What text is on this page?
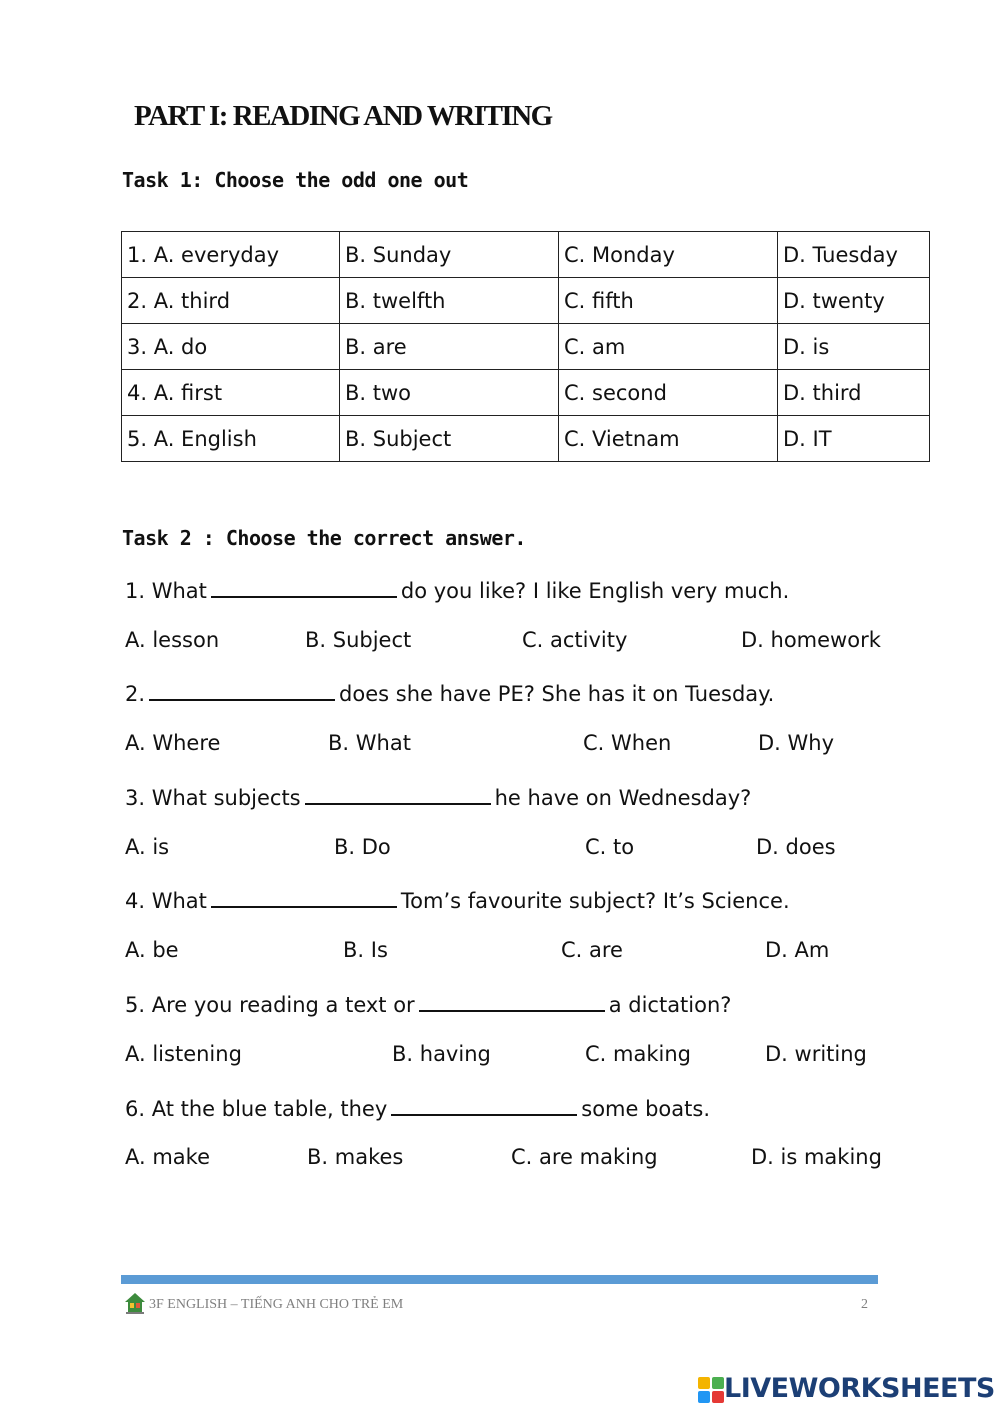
PART I: READING AND WRITING
Task 1: Choose the odd one out
1. A. everyday	B. Sunday	C. Monday	D. Tuesday
2. A. third	B. twelfth	C. fifth	D. twenty
3. A. do	B. are	C. am	D. is
4. A. first	B. two	C. second	D. third
5. A. English	B. Subject	C. Vietnam	D. IT
Task 2 : Choose the correct answer.
1. What	do you like? I like English very much.
A. lesson	B. Subject	C. activity	D. homework
2.	does she have PE? She has it on Tuesday.
A. Where	B. What	C. When	D. Why
3. What subjects	he have on Wednesday?
A. is	B. Do	C. to	D. does
4. What	Tom’s favourite subject? It’s Science.
A. be	B. Is	C. are	D. Am
5. Are you reading a text or	a dictation?
A. listening	B. having	C. making	D. writing
6. At the blue table, they	some boats.
A. make	B. makes	C. are making	D. is making
3F ENGLISH – TIẾNG ANH CHO TRẺ EM	2
LIVEWORKSHEETS
